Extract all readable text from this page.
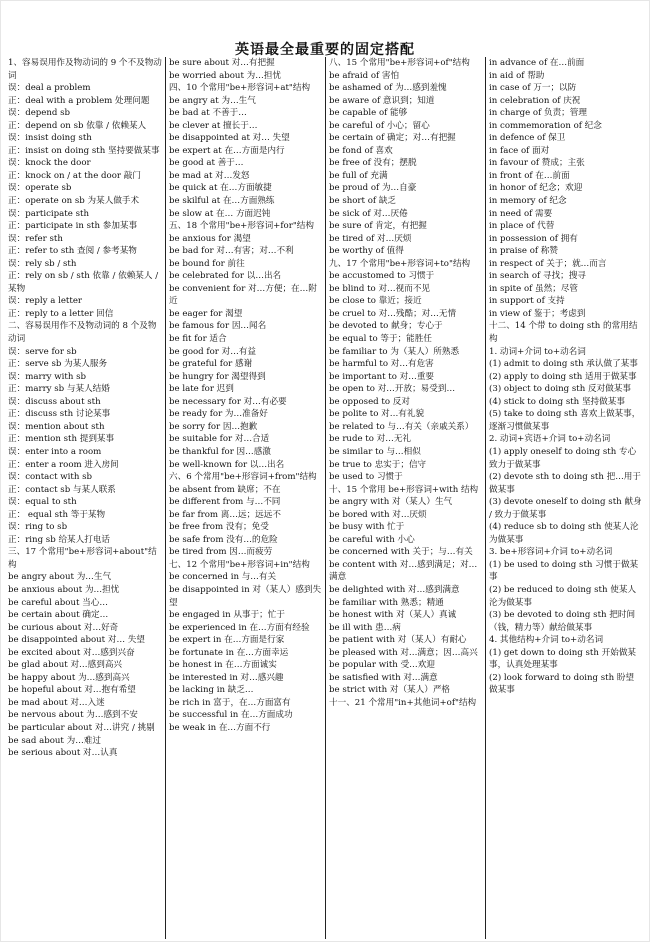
英语最全最重要的固定搭配

1、容易误用作及物动词的 9 个不及物动词

误：deal a problem

正：deal with a problem 处理问题

误：depend sb

正：depend on sb 依靠 / 依赖某人

误：insist doing sth

正：insist on doing sth 坚持要做某事

误：knock the door

正：knock on / at the door 敲门

误：operate sb

正：operate on sb 为某人做手术

误：participate sth

正：participate in sth 参加某事

误：refer sth

正：refer to sth 查阅 / 参考某物

误：rely sb / sth

正：rely on sb / sth 依靠 / 依赖某人 / 某物

误：reply a letter

正：reply to a letter 回信

二、容易误用作不及物动词的 8 个及物动词

误：serve for sb

正：serve sb 为某人服务

误：marry with sb

正：marry sb 与某人结婚

误：discuss about sth

正：discuss sth 讨论某事

误：mention about sth

正：mention sth 提到某事

误：enter into a room

正：enter a room 进入房间

误：contact with sb

正：contact sb 与某人联系

误：equal to sth

正： equal sth 等于某物

误：ring to sb

正：ring sb 给某人打电话

三、17 个常用"be+形容词+about"结构

be angry about 为…生气

be anxious about 为…担忧

be careful about 当心…

be certain about 确定…

be curious about 对…好奇

be disappointed about 对… 失望

be excited about 对…感到兴奋

be glad about 对…感到高兴

be happy about 为…感到高兴

be hopeful about 对…抱有希望

be mad about 对…入迷

be nervous about 为…感到不安

be particular about 对…讲究 / 挑剔

be sad about 为…难过

be serious about 对…认真

be sure about 对…有把握

be worried about 为…担忧

四、10 个常用"be+形容词+at"结构

be angry at 为…生气

be bad at 不善于…

be clever at 擅长于…

be disappointed at 对… 失望

be expert at 在…方面是内行

be good at 善于…

be mad at 对…发怒

be quick at 在…方面敏捷

be skilful at 在…方面熟练

be slow at 在… 方面迟钝

五、18 个常用"be+形容词+for"结构

be anxious for 渴望

be bad for 对…有害；对…不利

be bound for 前往

be celebrated for 以…出名

be convenient for 对…方便；在…附近

be eager for 渴望

be famous for 因…闻名

be fit for 适合

be good for 对…有益

be grateful for 感谢

be hungry for 渴望得到

be late for 迟到

be necessary for 对…有必要

be ready for 为…准备好

be sorry for 因…抱歉

be suitable for 对…合适

be thankful for 因…感激

be well-known for 以…出名

六、6 个常用"be+形容词+from"结构

be absent from 缺席；不在

be different from 与…不同

be far from 离…远；远远不

be free from 没有；免受

be safe from 没有…的危险

be tired from 因…而疲劳

七、12 个常用"be+形容词+in"结构

be concerned in 与…有关

be disappointed in 对（某人）感到失望

be engaged in 从事于；忙于

be experienced in 在…方面有经验

be expert in 在…方面是行家

be fortunate in 在…方面幸运

be honest in 在…方面诚实

be interested in 对…感兴趣

be lacking in 缺乏…

be rich in 富于，在…方面富有

be successful in 在…方面成功

be weak in 在…方面不行

八、15 个常用"be+形容词+of"结构

be afraid of 害怕

be ashamed of 为…感到羞愧

be aware of 意识到；知道

be capable of 能够

be careful of 小心；留心

be certain of 确定；对…有把握

be fond of 喜欢

be free of 没有；摆脱

be full of 充满

be proud of 为…自豪

be short of 缺乏

be sick of 对…厌倦

be sure of 肯定，有把握

be tired of 对…厌烦

be worthy of 值得

九、17 个常用"be+形容词+to"结构

be accustomed to 习惯于

be blind to 对…视而不见

be close to 靠近；接近

be cruel to 对…残酷；对…无情

be devoted to 献身；专心于

be equal to 等于；能胜任

be familiar to 为（某人）所熟悉

be harmful to 对…有危害

be important to 对…重要

be open to 对…开放；易受到…

be opposed to 反对

be polite to 对…有礼貌

be related to 与…有关（亲戚关系）

be rude to 对…无礼

be similar to 与…相似

be true to 忠实于；信守

be used to 习惯于

十、15 个常用 be+形容词+with 结构

be angry with 对（某人）生气

be bored with 对…厌烦

be busy with 忙于

be careful with 小心

be concerned with 关于；与…有关

be content with 对…感到满足；对…满意

be delighted with 对…感到满意

be familiar with 熟悉；精通

be honest with 对（某人）真诚

be ill with 患…病

be patient with 对（某人）有耐心

be pleased with 对…满意；因…高兴

be popular with 受…欢迎

be satisfied with 对…满意

be strict with 对（某人）严格

十一、21 个常用"in+其他词+of"结构

in advance of 在…前面

in aid of 帮助

in case of 万一；以防

in celebration of 庆祝

in charge of 负责；管理

in commemoration of 纪念

in defence of 保卫

in face of 面对

in favour of 赞成；主张

in front of 在…前面

in honor of 纪念；欢迎

in memory of 纪念

in need of 需要

in place of 代替

in possession of 拥有

in praise of 称赞

in respect of 关于；就…而言

in search of 寻找；搜寻

in spite of 虽然；尽管

in support of 支持

in view of 鉴于；考虑到

十二、14 个带 to doing sth 的常用结构

1. 动词+介词 to+动名词

(1) admit to doing sth 承认做了某事

(2) apply to doing sth 适用于做某事

(3) object to doing sth 反对做某事

(4) stick to doing sth 坚持做某事

(5) take to doing sth 喜欢上做某事，逐渐习惯做某事

2. 动词+宾语+介词 to+动名词

(1) apply oneself to doing sth 专心致力于做某事

(2) devote sth to doing sth 把…用于做某事

(3) devote oneself to doing sth 献身 / 致力于做某事

(4) reduce sb to doing sth 使某人沦为做某事

3. be+形容词+介词 to+动名词

(1) be used to doing sth 习惯于做某事

(2) be reduced to doing sth 使某人沦为做某事

(3) be devoted to doing sth 把时间（钱，精力等）献给做某事

4. 其他结构+介词 to+动名词

(1) get down to doing sth 开始做某事，认真处理某事

(2) look forward to doing sth 盼望做某事
